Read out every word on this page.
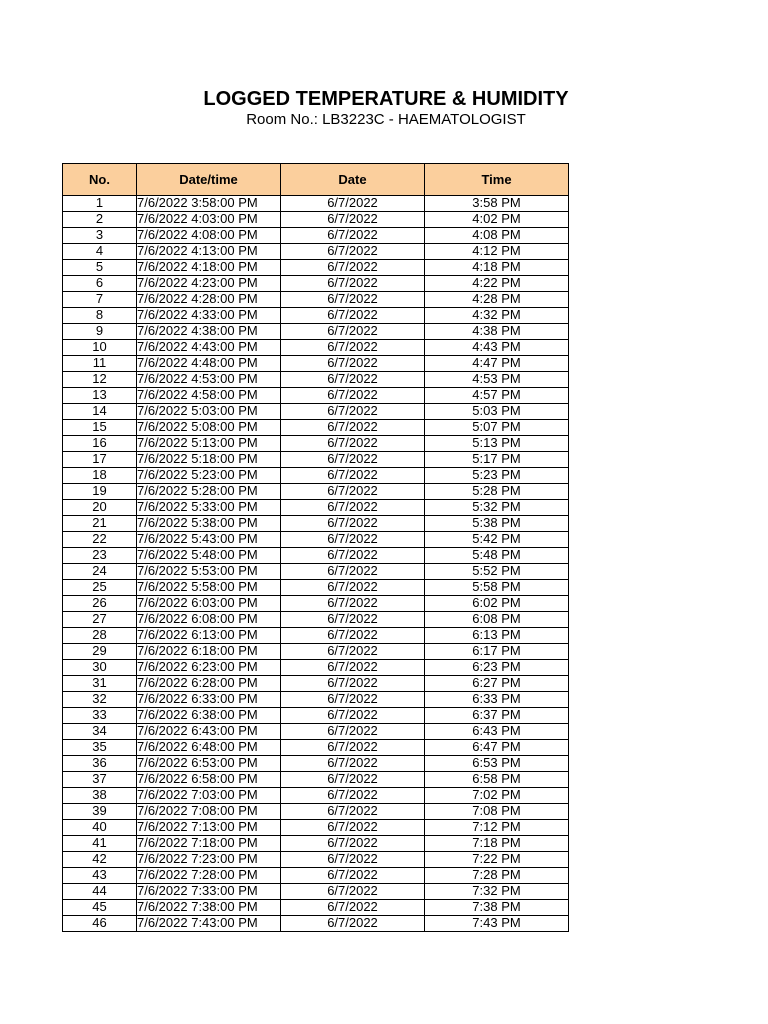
LOGGED TEMPERATURE & HUMIDITY
Room No.: LB3223C - HAEMATOLOGIST
No.	Date/time	Date	Time
1	7/6/2022 3:58:00 PM	6/7/2022	3:58 PM
2	7/6/2022 4:03:00 PM	6/7/2022	4:02 PM
3	7/6/2022 4:08:00 PM	6/7/2022	4:08 PM
4	7/6/2022 4:13:00 PM	6/7/2022	4:12 PM
5	7/6/2022 4:18:00 PM	6/7/2022	4:18 PM
6	7/6/2022 4:23:00 PM	6/7/2022	4:22 PM
7	7/6/2022 4:28:00 PM	6/7/2022	4:28 PM
8	7/6/2022 4:33:00 PM	6/7/2022	4:32 PM
9	7/6/2022 4:38:00 PM	6/7/2022	4:38 PM
10	7/6/2022 4:43:00 PM	6/7/2022	4:43 PM
11	7/6/2022 4:48:00 PM	6/7/2022	4:47 PM
12	7/6/2022 4:53:00 PM	6/7/2022	4:53 PM
13	7/6/2022 4:58:00 PM	6/7/2022	4:57 PM
14	7/6/2022 5:03:00 PM	6/7/2022	5:03 PM
15	7/6/2022 5:08:00 PM	6/7/2022	5:07 PM
16	7/6/2022 5:13:00 PM	6/7/2022	5:13 PM
17	7/6/2022 5:18:00 PM	6/7/2022	5:17 PM
18	7/6/2022 5:23:00 PM	6/7/2022	5:23 PM
19	7/6/2022 5:28:00 PM	6/7/2022	5:28 PM
20	7/6/2022 5:33:00 PM	6/7/2022	5:32 PM
21	7/6/2022 5:38:00 PM	6/7/2022	5:38 PM
22	7/6/2022 5:43:00 PM	6/7/2022	5:42 PM
23	7/6/2022 5:48:00 PM	6/7/2022	5:48 PM
24	7/6/2022 5:53:00 PM	6/7/2022	5:52 PM
25	7/6/2022 5:58:00 PM	6/7/2022	5:58 PM
26	7/6/2022 6:03:00 PM	6/7/2022	6:02 PM
27	7/6/2022 6:08:00 PM	6/7/2022	6:08 PM
28	7/6/2022 6:13:00 PM	6/7/2022	6:13 PM
29	7/6/2022 6:18:00 PM	6/7/2022	6:17 PM
30	7/6/2022 6:23:00 PM	6/7/2022	6:23 PM
31	7/6/2022 6:28:00 PM	6/7/2022	6:27 PM
32	7/6/2022 6:33:00 PM	6/7/2022	6:33 PM
33	7/6/2022 6:38:00 PM	6/7/2022	6:37 PM
34	7/6/2022 6:43:00 PM	6/7/2022	6:43 PM
35	7/6/2022 6:48:00 PM	6/7/2022	6:47 PM
36	7/6/2022 6:53:00 PM	6/7/2022	6:53 PM
37	7/6/2022 6:58:00 PM	6/7/2022	6:58 PM
38	7/6/2022 7:03:00 PM	6/7/2022	7:02 PM
39	7/6/2022 7:08:00 PM	6/7/2022	7:08 PM
40	7/6/2022 7:13:00 PM	6/7/2022	7:12 PM
41	7/6/2022 7:18:00 PM	6/7/2022	7:18 PM
42	7/6/2022 7:23:00 PM	6/7/2022	7:22 PM
43	7/6/2022 7:28:00 PM	6/7/2022	7:28 PM
44	7/6/2022 7:33:00 PM	6/7/2022	7:32 PM
45	7/6/2022 7:38:00 PM	6/7/2022	7:38 PM
46	7/6/2022 7:43:00 PM	6/7/2022	7:43 PM
